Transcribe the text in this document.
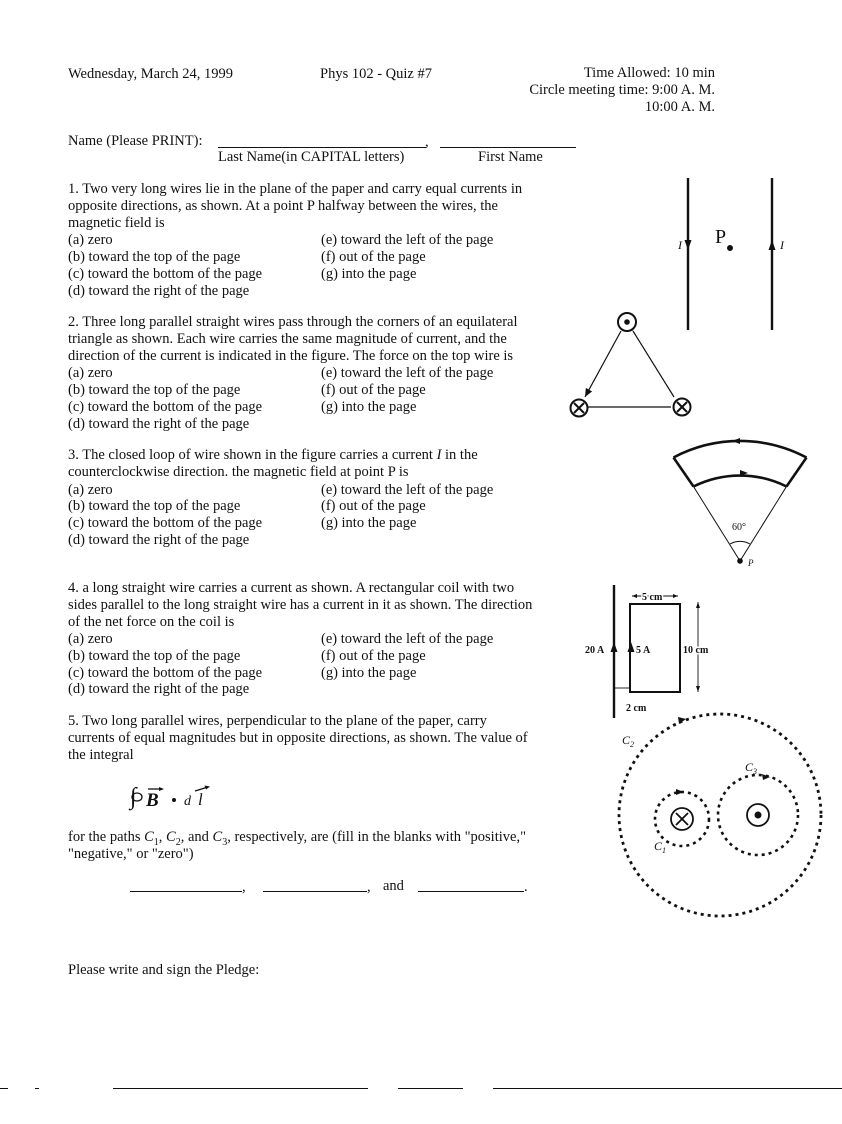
Wednesday, March 24, 1999	Phys 102 - Quiz #7	Time Allowed: 10 min
Circle meeting time: 9:00 A. M.
10:00 A. M.
Name (Please PRINT):	,
Last Name(in CAPITAL letters)	First Name
1. Two very long wires lie in the plane of the paper and carry equal currents in
opposite directions, as shown. At a point P halfway between the wires, the
magnetic field is
(a) zero
(b) toward the top of the page
(c) toward the bottom of the page
(d) toward the right of the page
(e) toward the left of the page
(f) out of the page
(g) into the page
I	I
P
2. Three long parallel straight wires pass through the corners of an equilateral
triangle as shown. Each wire carries the same magnitude of current, and the
direction of the current is indicated in the figure. The force on the top wire is
(a) zero
(b) toward the top of the page
(c) toward the bottom of the page
(d) toward the right of the page
(e) toward the left of the page
(f) out of the page
(g) into the page
3. The closed loop of wire shown in the figure carries a current I in the
counterclockwise direction. the magnetic field at point P is
(a) zero
(b) toward the top of the page
(c) toward the bottom of the page
(d) toward the right of the page
(e) toward the left of the page
(f) out of the page
(g) into the page	60°
P
4. a long straight wire carries a current as shown. A rectangular coil with two
sides parallel to the long straight wire has a current in it as shown. The direction
of the net force on the coil is
(a) zero
(b) toward the top of the page
(c) toward the bottom of the page
(d) toward the right of the page
(e) toward the left of the page
(f) out of the page
(g) into the page
20 A	5 A
5 cm
10 cm
2 cm
5. Two long parallel wires, perpendicular to the plane of the paper, carry
currents of equal magnitudes but in opposite directions, as shown. The value of
the integral
∫ B d l
for the paths $C_1$, $C_2$, and $C_3$, respectively, are (fill in the blanks with "positive,"
"negative," or "zero")
,	, and	.
$C_2$
$C_1$
$C_3$
Please write and sign the Pledge:
